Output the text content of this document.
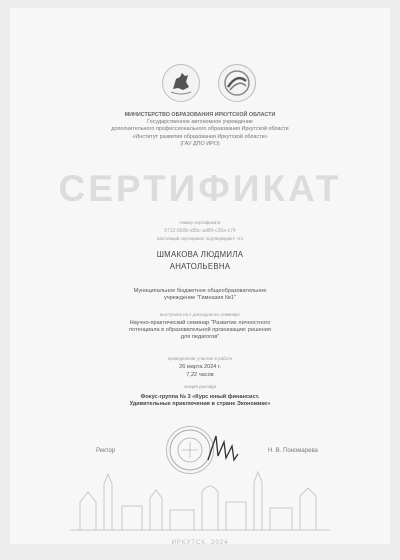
МИНИСТЕРСТВО ОБРАЗОВАНИЯ ИРКУТСКОЙ ОБЛАСТИ
Государственное автономное учреждение
дополнительного профессионального образования Иркутской области
«Институт развития образования Иркутской области»
(ГАУ ДПО ИРО)
СЕРТИФИКАТ
Номер сертификата
6712-9b0b-a5bc-ad84-c26e-c74
настоящий сертификат подтверждает, что
ШМАКОВА ЛЮДМИЛА
АНАТОЛЬЕВНА
Муниципальное бюджетное общеобразовательное учреждение "Гимназия №1"
выступила на с докладом на семинаре
Научно-практический семинар "Развитие личностного потенциала в образовательной организации: решения для педагогов"
проведенном: участие в работе
26 марта 2024 г.
7,22 часов
секция доклада
Фокус-группа № 3 «Курс юный финансист. Удивительные приключения в стране Экономике»
Ректор	Н. В. Пономарева
ИРКУТСК, 2024
